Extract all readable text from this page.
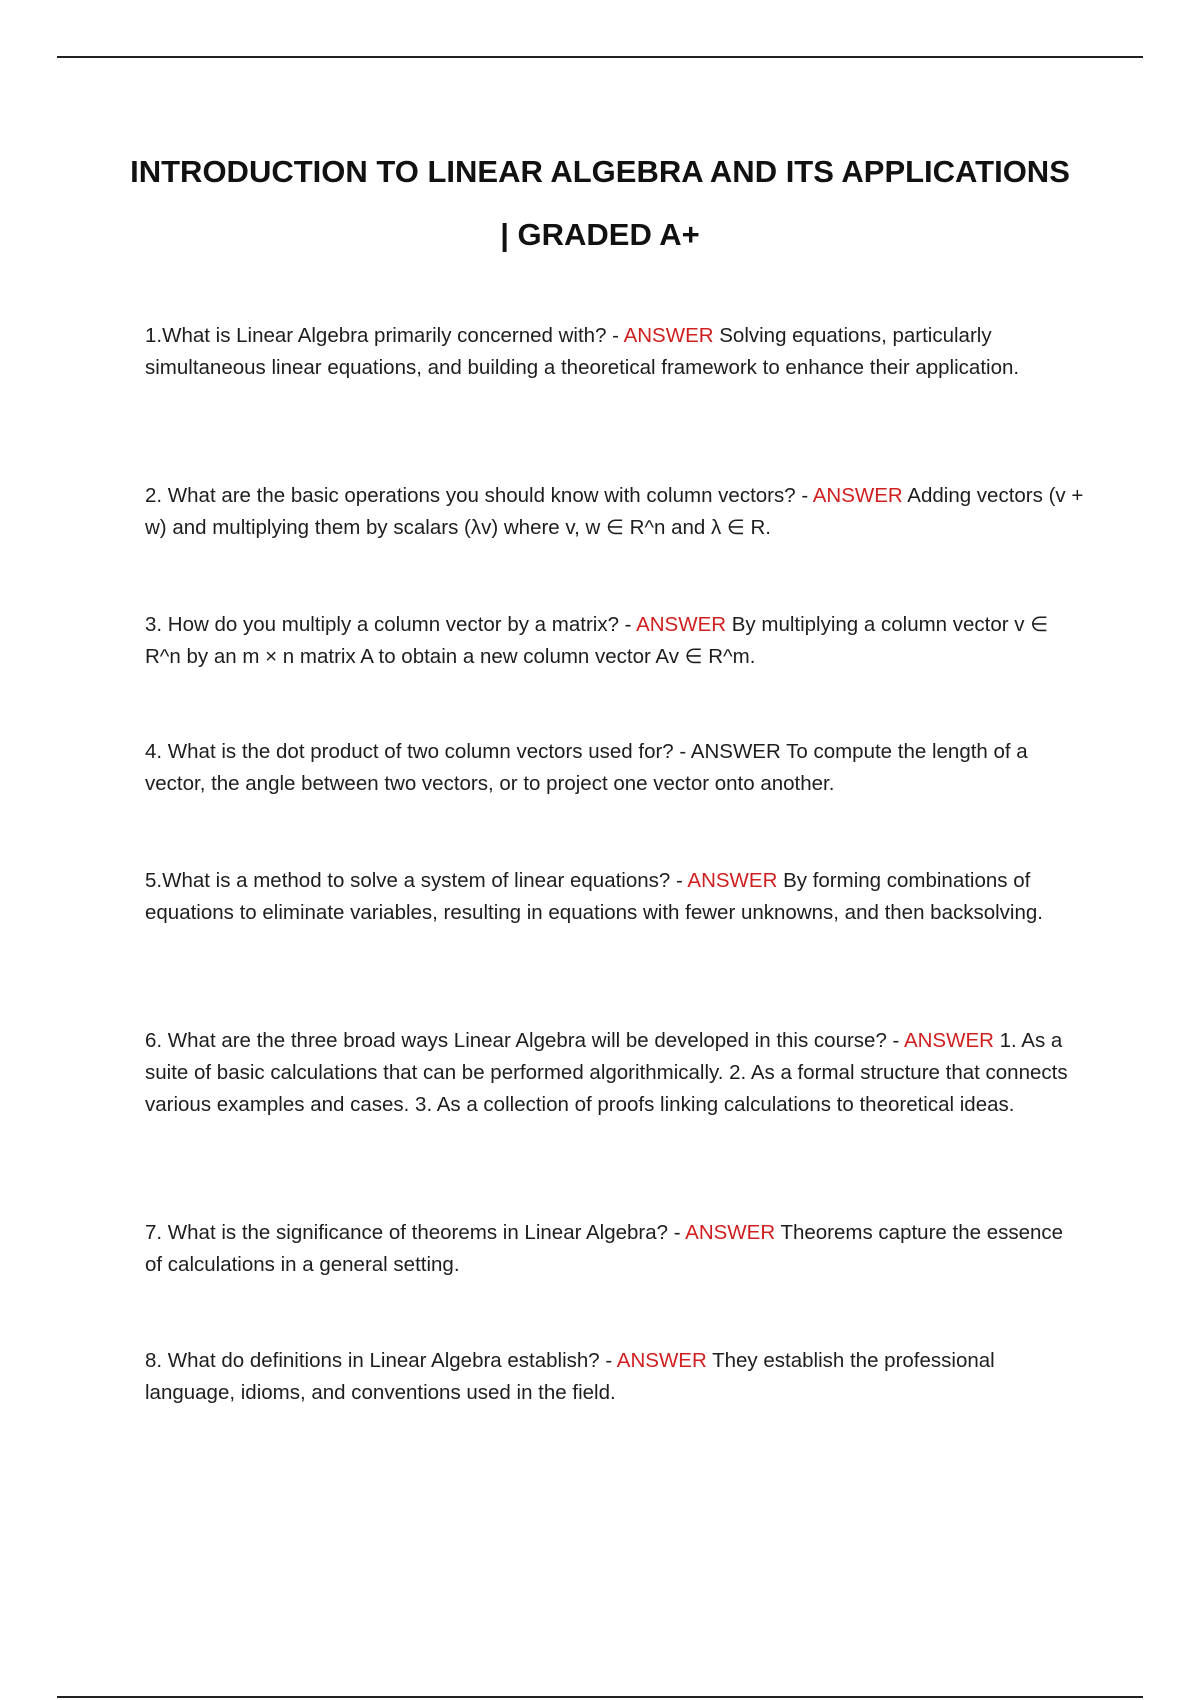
INTRODUCTION TO LINEAR ALGEBRA AND ITS APPLICATIONS
| GRADED A+

1.What is Linear Algebra primarily concerned with? - ANSWER Solving equations, particularly simultaneous linear equations, and building a theoretical framework to enhance their application.

2. What are the basic operations you should know with column vectors? - ANSWER Adding vectors (v + w) and multiplying them by scalars (λv) where v, w ∈ R^n and λ ∈ R.

3. How do you multiply a column vector by a matrix? - ANSWER By multiplying a column vector v ∈ R^n by an m × n matrix A to obtain a new column vector Av ∈ R^m.

4. What is the dot product of two column vectors used for? - ANSWER To compute the length of a vector, the angle between two vectors, or to project one vector onto another.

5.What is a method to solve a system of linear equations? - ANSWER By forming combinations of equations to eliminate variables, resulting in equations with fewer unknowns, and then backsolving.

6. What are the three broad ways Linear Algebra will be developed in this course? - ANSWER 1. As a suite of basic calculations that can be performed algorithmically. 2. As a formal structure that connects various examples and cases. 3. As a collection of proofs linking calculations to theoretical ideas.

7. What is the significance of theorems in Linear Algebra? - ANSWER Theorems capture the essence of calculations in a general setting.

8. What do definitions in Linear Algebra establish? - ANSWER They establish the professional language, idioms, and conventions used in the field.
